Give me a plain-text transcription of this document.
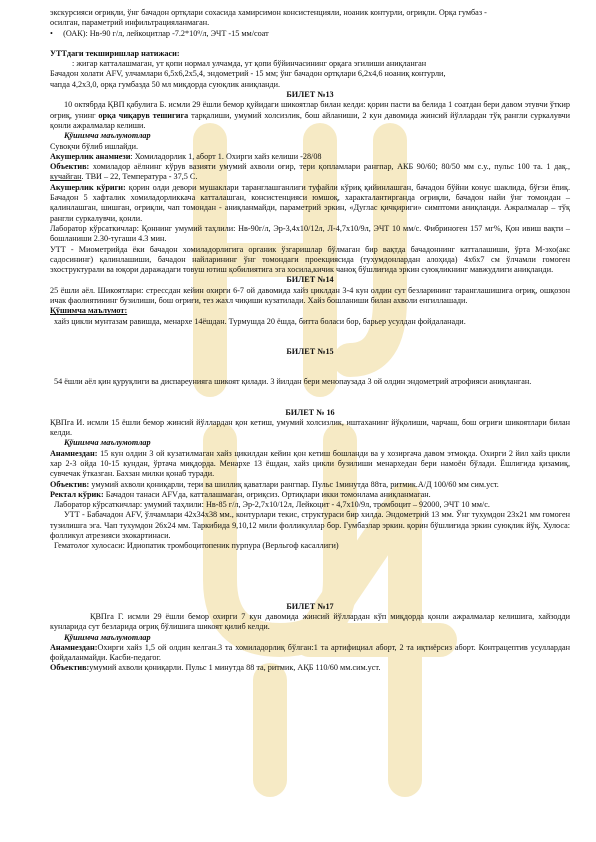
экскурсияси оғриқли, ўнг бачадон ортқлари сохасида хамирсимон консистенцияли, ноаник контурли, оғриқли. Орқа гумбаз -

осилган, параметрий инфильтрацияланмаган.

• (ОАК): Нв-90 г/л, лейкоцитлар -7.2*10⁹/л, ЭЧТ -15 мм/соат

УТТдаги текширишлар натижаси:

: жигар катталашмаган, ут қопи нормал улчамда, ут қопи бўйинчасининг орқага эгилиши аниқланган

Бачадон холати AFV, улчамлари 6,5х6,2х5,4, эндометрий - 15 мм; ўнг бачадон ортқлари 6,2х4,6 ноаниқ контурли,

чапда 4,2х3,0, орқа гумбазда 50 мл миқдорда суюқлик аниқланди.

БИЛЕТ №13

10 октябрда ҚВП қабулига Б. исмли 29 ёшли бемор қуйидаги шикоятлар билан келди: қорин пасти ва белида 1 соатдан бери давом этувчи ўткир оғриқ, унинг орқа чиқарув тешигига тарқалиши, умумий холсизлик, бош айланиши, 2 кун давомида жинсий йўллардан тўқ рангли суркалувчи қонли ажралмалар келиши.

Қўшимча маълумотлар

Сувоқчи бўлиб ишлайди.

Акушерлик анамнези: Хомиладорлик 1, аборт 1. Охирги хайз келиши -28/08

Объектив: хомиладор аёлнинг кўрув вазияти умумий ахволи оғир, тери қопламлари рангпар, АКБ 90/60; 80/50 мм с.у., пульс 100 та. 1 дақ., кучайган. ТВИ – 22, Температура - 37,5 С.

Акушерлик кўриги: қорин олди девори мушаклари таранглашганлиги туфайли кўриқ қийинлашган, бачадон бўйни конус шаклида, бўғзи ёпиқ. Бачадон 5 хафталик хомиладорликкача катталашган, консистенцияси юмшоқ, характалантирганда оғриқли, бачадон найи ўнг томондан – қалинлашган, шишган, оғриқли, чап томондан - аниқланмайди, параметрий эркин, «Дуглас қичқириги» симптоми аниқланди. Ажралмалар – тўқ рангли суркалувчи, қонли.

Лаборатор кўрсаткичлар: Қоннинг умумий таҳлили: Нв-90г/л, Эр-3,4х10/12л, Л-4,7х10/9л, ЭЧТ 10 мм/с. Фибриноген 157 мг%, Қон ивиш вақти –бошланиши 2.30-тугаши 4.3 мин.

УТТ - Миометрийда ёки бачадон хомиладорлигига органик ўзгаришлар бўлмаган бир вақтда бачадоннинг катталашиши, ўрта М-эхо(акс садосининг) қалинлашиши, бачадон найларининг ўнг томондаги проекциясида (тухумдонлардан алоҳида) 4х6х7 см ўлчамли гомоген эхоструктурали ва юқори даражадаги товуш ютиш қобилиятига эга хосила,кичик чаноқ бўшлиғида эркин суюқликнинг мавжудлиги аниқланди.

БИЛЕТ №14

25 ёшли аёл. Шикоятлари: стрессдан кейин охирги 6-7 ой давомида хайз циклдан 3-4 кун олдин сут безларининг таранглашишига оғриқ, ошқозон ичак фаолиятининг бузилиши, бош оғриғи, тез жахл чиқиши кузатилади. Хайз бошланиши билан ахволи енгиллашади.

Қўшимча маълумот:

хайз цикли мунтазам равишда, менархе 14ёшдан. Турмушда 20 ёшда, битта боласи бор, барьер усулдан фойдаланади.

БИЛЕТ №15

54 ёшли аёл қин қуруқлиги ва диспареунияга шикоят қилади. 3 йилдан бери менопаузада 3 ой олдин эндометрий атрофияси аниқланган.

БИЛЕТ № 16

ҚВПга И. исмли 15 ёшли бемор жинсий йўллардан қон кетиш, умумий холсизлик, иштаханинг йўқолиши, чарчаш, бош оғриғи шикоятлари билан келди.

Қўшимча маълумотлар

Анамнездан: 15 кун олдин 3 ой кузатилмаган хайз цикилдан кейин қон кетиш бошланди ва у хозиргача давом этмоқда. Охирги 2 йил хайз цикли хар 2-3 ойда 10-15 кундан, ўртача миқдорда. Менархе 13 ёшдан, хайз цикли бузилиши менархедан бери намоён бўлади. Ёшлигида қизамиқ, сувчечак ўтказган. Бахзан милки қонаб туради.

Объектив: умумий ахволи қониқарли, тери ва шиллиқ қаватлари рангпар. Пульс 1минутда 88та, ритмик.А/Д 100/60 мм сим.уст.

Ректал кўрик: Бачадон танаси AFVда, катталашмаган, оғриқсиз. Ортиқлари икки томонлама аниқланмаган.

Лаборатор кўрсаткичлар: умумий таҳлили: Нв-85 г/л, Эр-2,7х10/12л, Лейкоцит - 4,7х10/9л, тромбоцит – 92000, ЭЧТ 10 мм/с.

УТТ - Бабачадон AFV, ўлчамлари 42х34х38 мм., контурлари текис, структураси бир хилда. Эндометрий 13 мм. Ўнг тухумдон 23х21 мм гомоген тузилишга эга. Чап тухумдон 26х24 мм. Таркибида 9,10,12 мили фолликуллар бор. Гумбазлар эркин. қорин бўшлиғида эркин суюқлик йўқ. Хулоса: фолликул атрезияси эхокартинаси.

Гематолог хулосаси: Идиопатик тромбоцитопеник пурпура (Верльгоф касаллиги)

БИЛЕТ №17

ҚВПга Г. исмли 29 ёшли бемор охирги 7 кун давомида жинсий йўллардан кўп миқдорда қонли ажралмалар келишига, хайзодди кунларида сут безларида оғриқ бўлишига шикоят қилиб келди.

Қўшимча маълумотлар

Анамнездан:Охирги хайз 1,5 ой олдин келган.3 та хомиладорлиқ бўлган:1 та артифициал аборт, 2 та иқтиёрсиз аборт. Контрацептив усуллардан фойдаланмайди. Касби-педагог.

Объектив:умумий ахволи қониқарли. Пульс 1 минутда 88 та, ритмик, АҚБ 110/60 мм.сим.уст.
